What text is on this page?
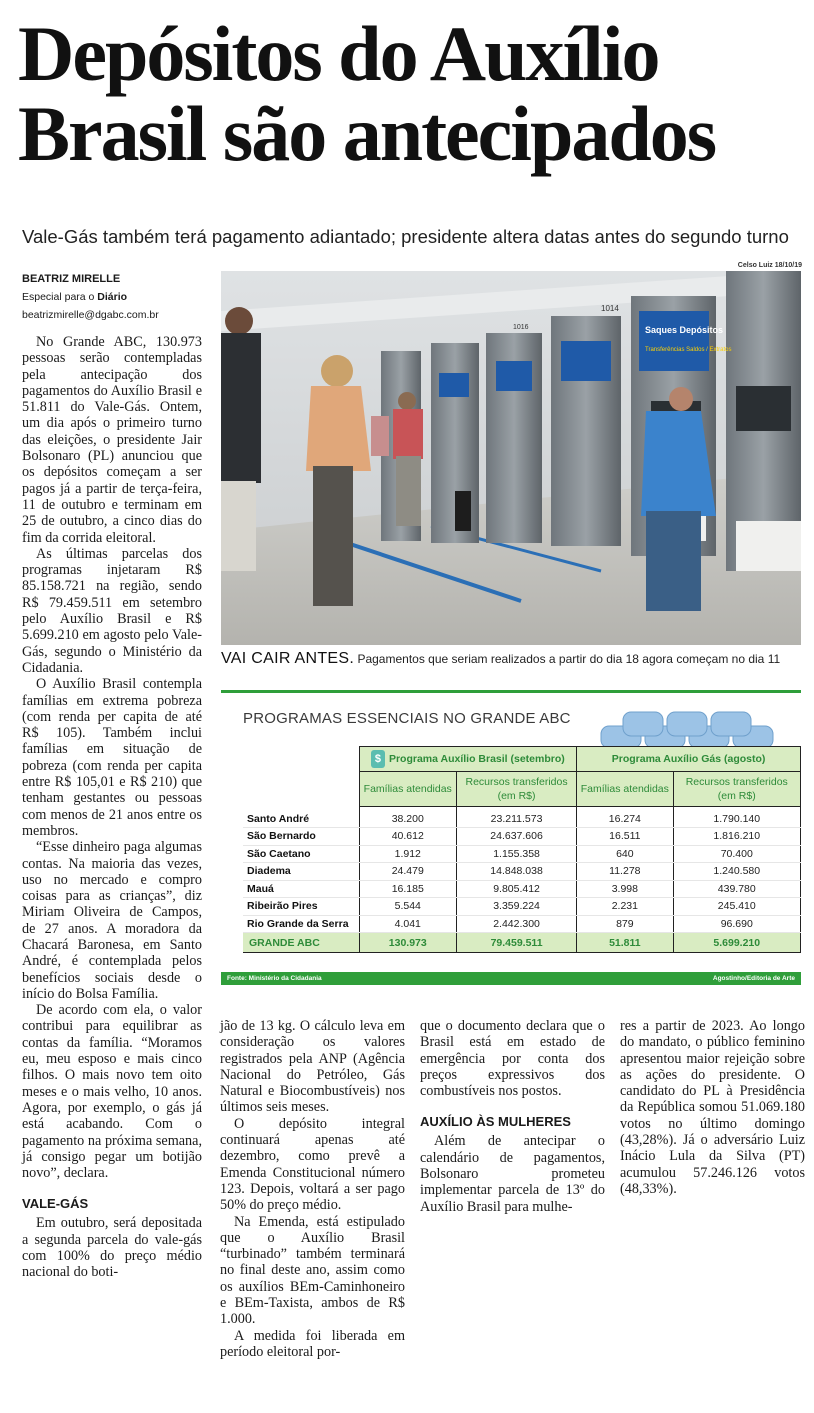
Depósitos do Auxílio
Brasil são antecipados
Vale-Gás também terá pagamento adiantado; presidente altera datas antes do segundo turno
BEATRIZ MIRELLE
Especial para o Diário
beatrizmirelle@dgabc.com.br

No Grande ABC, 130.973 pessoas serão contempladas pela antecipação dos pagamentos do Auxílio Brasil e 51.811 do Vale-Gás. Ontem, um dia após o primeiro turno das eleições, o presidente Jair Bolsonaro (PL) anunciou que os depósitos começam a ser pagos já a partir de terça-feira, 11 de outubro e terminam em 25 de outubro, a cinco dias do fim da corrida eleitoral.

As últimas parcelas dos programas injetaram R$ 85.158.721 na região, sendo R$ 79.459.511 em setembro pelo Auxílio Brasil e R$ 5.699.210 em agosto pelo Vale-Gás, segundo o Ministério da Cidadania.

O Auxílio Brasil contempla famílias em extrema pobreza (com renda per capita de até R$ 105). Também inclui famílias em situação de pobreza (com renda per capita entre R$ 105,01 e R$ 210) que tenham gestantes ou pessoas com menos de 21 anos entre os membros.

“Esse dinheiro paga algumas contas. Na maioria das vezes, uso no mercado e compro coisas para as crianças”, diz Miriam Oliveira de Campos, de 27 anos. A moradora da Chacará Baronesa, em Santo André, é contemplada pelos benefícios sociais desde o início do Bolsa Família.

De acordo com ela, o valor contribui para equilibrar as contas da família. “Moramos eu, meu esposo e mais cinco filhos. O mais novo tem oito meses e o mais velho, 10 anos. Agora, por exemplo, o gás já está acabando. Com o pagamento na próxima semana, já consigo pegar um botijão novo”, declara.

VALE-GÁS

Em outubro, será depositada a segunda parcela do vale-gás com 100% do preço médio nacional do boti-

Celso Luiz 18/10/19
Saques Depósitos
Transferências Saldos / Extratos
1014
1016
VAI CAIR ANTES. Pagamentos que seriam realizados a partir do dia 18 agora começam no dia 11
PROGRAMAS ESSENCIAIS NO GRANDE ABC
	$ Programa Auxílio Brasil (setembro)		Programa Auxílio Gás (agosto)	
	Famílias atendidas	Recursos transferidos (em R$)	Famílias atendidas	Recursos transferidos (em R$)
Santo André	38.200	23.211.573	16.274	1.790.140
São Bernardo	40.612	24.637.606	16.511	1.816.210
São Caetano	1.912	1.155.358	640	70.400
Diadema	24.479	14.848.038	11.278	1.240.580
Mauá	16.185	9.805.412	3.998	439.780
Ribeirão Pires	5.544	3.359.224	2.231	245.410
Rio Grande da Serra	4.041	2.442.300	879	96.690
GRANDE ABC	130.973	79.459.511	51.811	5.699.210
Fonte: Ministério da Cidadania	Agostinho/Editoria de Arte

jão de 13 kg. O cálculo leva em consideração os valores registrados pela ANP (Agência Nacional do Petróleo, Gás Natural e Biocombustíveis) nos últimos seis meses.

O depósito integral continuará apenas até dezembro, como prevê a Emenda Constitucional número 123. Depois, voltará a ser pago 50% do preço médio.

Na Emenda, está estipulado que o Auxílio Brasil “turbinado” também terminará no final deste ano, assim como os auxílios BEm-Caminhoneiro e BEm-Taxista, ambos de R$ 1.000.

A medida foi liberada em período eleitoral por-

que o documento declara que o Brasil está em estado de emergência por conta dos preços expressivos dos combustíveis nos postos.

AUXÍLIO ÀS MULHERES

Além de antecipar o calendário de pagamentos, Bolsonaro prometeu implementar parcela de 13º do Auxílio Brasil para mulhe-

res a partir de 2023. Ao longo do mandato, o público feminino apresentou maior rejeição sobre as ações do presidente. O candidato do PL à Presidência da República somou 51.069.180 votos no último domingo (43,28%). Já o adversário Luiz Inácio Lula da Silva (PT) acumulou 57.246.126 votos (48,33%).
